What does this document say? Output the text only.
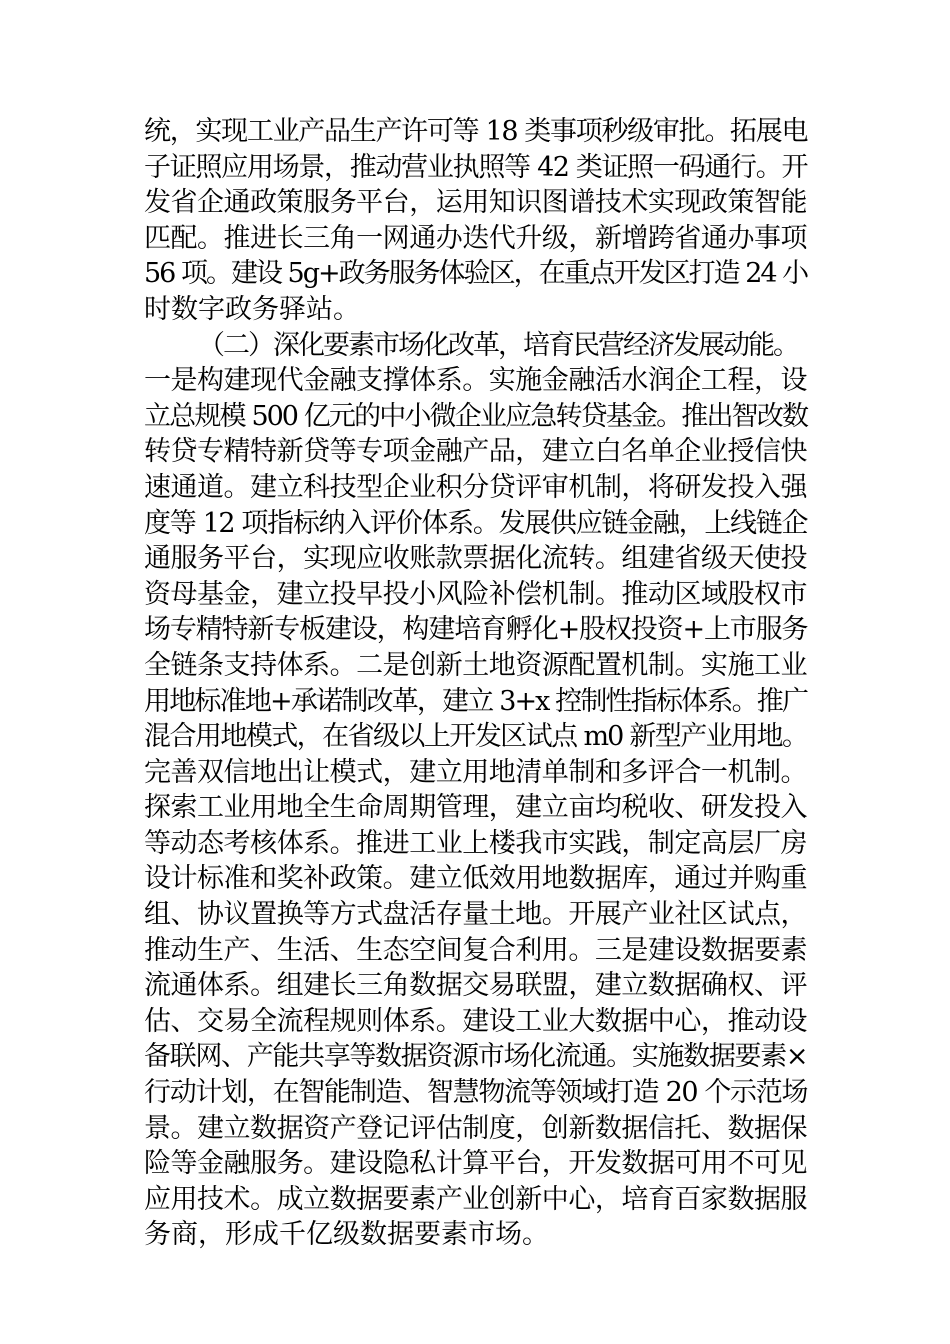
统，实现工业产品生产许可等 18 类事项秒级审批。拓展电
子证照应用场景，推动营业执照等 42 类证照一码通行。开
发省企通政策服务平台，运用知识图谱技术实现政策智能
匹配。推进长三角一网通办迭代升级，新增跨省通办事项
56 项。建设 5g+政务服务体验区，在重点开发区打造 24 小
时数字政务驿站。
（二）深化要素市场化改革，培育民营经济发展动能。
一是构建现代金融支撑体系。实施金融活水润企工程，设
立总规模 500 亿元的中小微企业应急转贷基金。推出智改数
转贷专精特新贷等专项金融产品，建立白名单企业授信快
速通道。建立科技型企业积分贷评审机制，将研发投入强
度等 12 项指标纳入评价体系。发展供应链金融，上线链企
通服务平台，实现应收账款票据化流转。组建省级天使投
资母基金，建立投早投小风险补偿机制。推动区域股权市
场专精特新专板建设，构建培育孵化+股权投资+上市服务
全链条支持体系。二是创新土地资源配置机制。实施工业
用地标准地+承诺制改革，建立 3+x 控制性指标体系。推广
混合用地模式，在省级以上开发区试点 m0 新型产业用地。
完善双信地出让模式，建立用地清单制和多评合一机制。
探索工业用地全生命周期管理，建立亩均税收、研发投入
等动态考核体系。推进工业上楼我市实践，制定高层厂房
设计标准和奖补政策。建立低效用地数据库，通过并购重
组、协议置换等方式盘活存量土地。开展产业社区试点，
推动生产、生活、生态空间复合利用。三是建设数据要素
流通体系。组建长三角数据交易联盟，建立数据确权、评
估、交易全流程规则体系。建设工业大数据中心，推动设
备联网、产能共享等数据资源市场化流通。实施数据要素×
行动计划，在智能制造、智慧物流等领域打造 20 个示范场
景。建立数据资产登记评估制度，创新数据信托、数据保
险等金融服务。建设隐私计算平台，开发数据可用不可见
应用技术。成立数据要素产业创新中心，培育百家数据服
务商，形成千亿级数据要素市场。
